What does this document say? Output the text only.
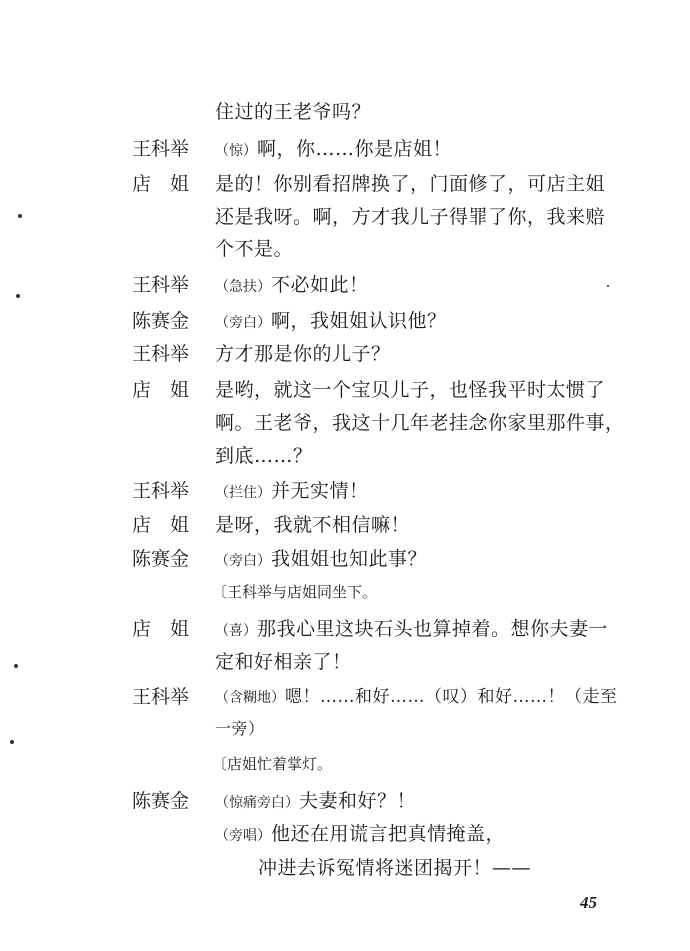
住过的王老爷吗？
王科举 （惊）啊，你……你是店姐！
店　姐 是的！你别看招牌换了，门面修了，可店主姐
还是我呀。啊，方才我儿子得罪了你，我来赔
个不是。
王科举 （急扶）不必如此！
陈赛金 （旁白）啊，我姐姐认识他？
王科举 方才那是你的儿子？
店　姐 是哟，就这一个宝贝儿子，也怪我平时太惯了
啊。王老爷，我这十几年老挂念你家里那件事，
到底……？
王科举 （拦住）并无实情！
店　姐 是呀，我就不相信嘛！
陈赛金 （旁白）我姐姐也知此事？
〔王科举与店姐同坐下。
店　姐 （喜）那我心里这块石头也算掉着。想你夫妻一
定和好相亲了！
王科举 （含糊地）嗯！……和好……（叹）和好……！（走至
一旁）
〔店姐忙着掌灯。
陈赛金 （惊痛旁白）夫妻和好？！
（旁唱）他还在用谎言把真情掩盖，
冲进去诉冤情将迷团揭开！——
45
